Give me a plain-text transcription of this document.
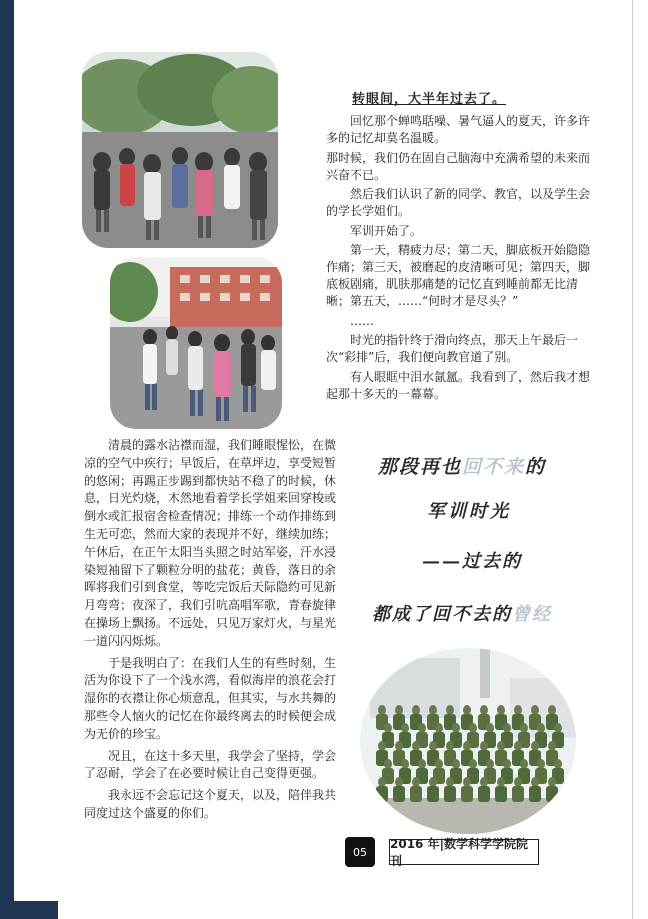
转眼间，大半年过去了。

回忆那个蝉鸣聒噪、暑气逼人的夏天，许多许多的记忆却莫名温暖。

那时候，我们仍在固自己脑海中充满希望的未来而兴奋不已。

然后我们认识了新的同学、教官，以及学生会的学长学姐们。

军训开始了。

第一天，精疲力尽；第二天，脚底板开始隐隐作痛；第三天，被磨起的皮清晰可见；第四天，脚底板剧痛，肌肤那痛楚的记忆直到睡前都无比清晰；第五天，……“何时才是尽头？”

……

时光的指针终于滑向终点，那天上午最后一次“彩排”后，我们便向教官道了别。

有人眼眶中泪水氤氲。我看到了，然后我才想起那十多天的一幕幕。

清晨的露水沾襟而湿，我们睡眼惺忪，在微凉的空气中疾行；早饭后，在草坪边，享受短暂的悠闲；再踢正步踢到都快站不稳了的时候，休息，日光灼烧，木然地看着学长学姐来回穿梭或倒水或汇报宿舍检查情况；排练一个动作排练到生无可恋，然而大家的表现并不好，继续加练；午休后，在正午太阳当头照之时站军姿，汗水浸染短袖留下了颗粒分明的盐花；黄昏，落日的余晖将我们引到食堂，等吃完饭后天际隐约可见新月弯弯；夜深了，我们引吭高唱军歌，青春旋律在操场上飘扬。不远处，只见万家灯火，与星光一道闪闪烁烁。

于是我明白了：在我们人生的有些时刻，生活为你设下了一个浅水湾，看似海岸的浪花会打湿你的衣襟让你心烦意乱，但其实，与水共舞的那些令人恼火的记忆在你最终离去的时候便会成为无价的珍宝。

况且，在这十多天里，我学会了坚持，学会了忍耐，学会了在必要时候让自己变得更强。

我永远不会忘记这个夏天，以及，陪伴我共同度过这个盛夏的你们。

那段再也回不来的
军训时光
——过去的
都成了回不去的曾经
05
2016 年|数学科学学院院刊
